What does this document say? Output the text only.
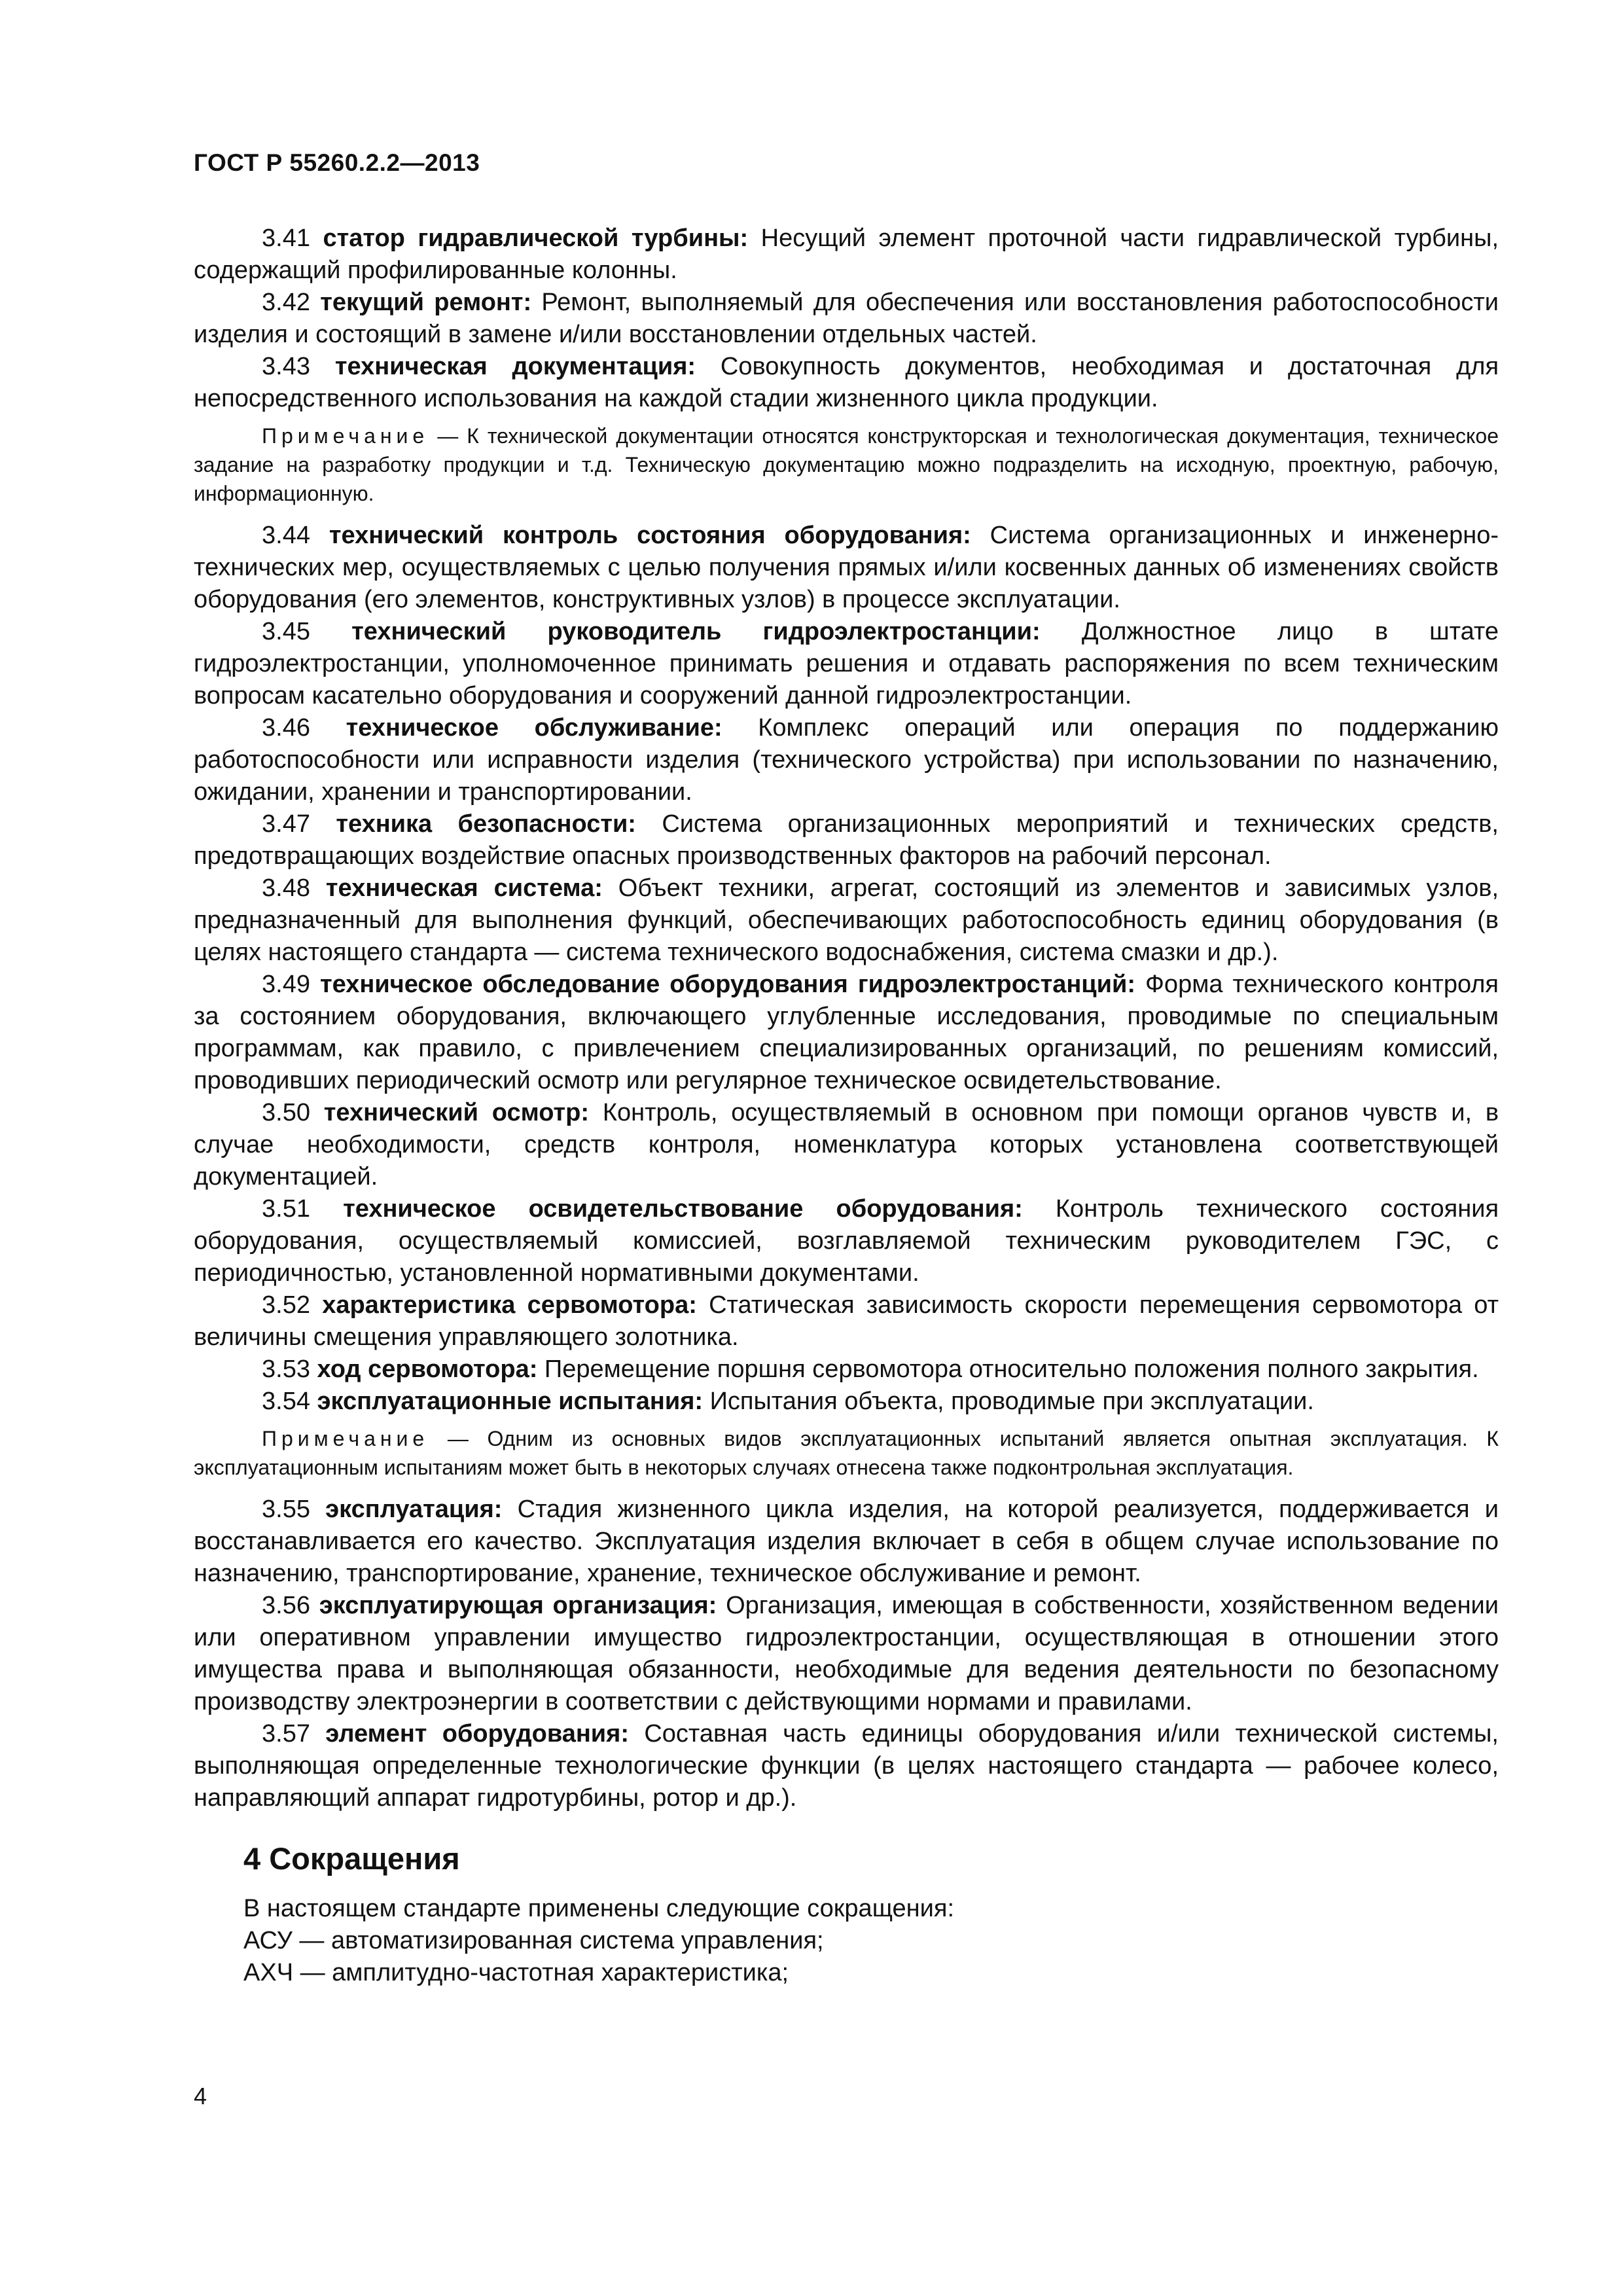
ГОСТ Р 55260.2.2—2013

3.41 статор гидравлической турбины: Несущий элемент проточной части гидравлической турбины, содержащий профилированные колонны.

3.42 текущий ремонт: Ремонт, выполняемый для обеспечения или восстановления работоспособности изделия и состоящий в замене и/или восстановлении отдельных частей.

3.43 техническая документация: Совокупность документов, необходимая и достаточная для непосредственного использования на каждой стадии жизненного цикла продукции.

Примечание — К технической документации относятся конструкторская и технологическая документация, техническое задание на разработку продукции и т.д. Техническую документацию можно подразделить на исходную, проектную, рабочую, информационную.

3.44 технический контроль состояния оборудования: Система организационных и инженерно-технических мер, осуществляемых с целью получения прямых и/или косвенных данных об изменениях свойств оборудования (его элементов, конструктивных узлов) в процессе эксплуатации.

3.45 технический руководитель гидроэлектростанции: Должностное лицо в штате гидроэлектростанции, уполномоченное принимать решения и отдавать распоряжения по всем техническим вопросам касательно оборудования и сооружений данной гидроэлектростанции.

3.46 техническое обслуживание: Комплекс операций или операция по поддержанию работоспособности или исправности изделия (технического устройства) при использовании по назначению, ожидании, хранении и транспортировании.

3.47 техника безопасности: Система организационных мероприятий и технических средств, предотвращающих воздействие опасных производственных факторов на рабочий персонал.

3.48 техническая система: Объект техники, агрегат, состоящий из элементов и зависимых узлов, предназначенный для выполнения функций, обеспечивающих работоспособность единиц оборудования (в целях настоящего стандарта — система технического водоснабжения, система смазки и др.).

3.49 техническое обследование оборудования гидроэлектростанций: Форма технического контроля за состоянием оборудования, включающего углубленные исследования, проводимые по специальным программам, как правило, с привлечением специализированных организаций, по решениям комиссий, проводивших периодический осмотр или регулярное техническое освидетельствование.

3.50 технический осмотр: Контроль, осуществляемый в основном при помощи органов чувств и, в случае необходимости, средств контроля, номенклатура которых установлена соответствующей документацией.

3.51 техническое освидетельствование оборудования: Контроль технического состояния оборудования, осуществляемый комиссией, возглавляемой техническим руководителем ГЭС, с периодичностью, установленной нормативными документами.

3.52 характеристика сервомотора: Статическая зависимость скорости перемещения сервомотора от величины смещения управляющего золотника.

3.53 ход сервомотора: Перемещение поршня сервомотора относительно положения полного закрытия.

3.54 эксплуатационные испытания: Испытания объекта, проводимые при эксплуатации.

Примечание — Одним из основных видов эксплуатационных испытаний является опытная эксплуатация. К эксплуатационным испытаниям может быть в некоторых случаях отнесена также подконтрольная эксплуатация.

3.55 эксплуатация: Стадия жизненного цикла изделия, на которой реализуется, поддерживается и восстанавливается его качество. Эксплуатация изделия включает в себя в общем случае использование по назначению, транспортирование, хранение, техническое обслуживание и ремонт.

3.56 эксплуатирующая организация: Организация, имеющая в собственности, хозяйственном ведении или оперативном управлении имущество гидроэлектростанции, осуществляющая в отношении этого имущества права и выполняющая обязанности, необходимые для ведения деятельности по безопасному производству электроэнергии в соответствии с действующими нормами и правилами.

3.57 элемент оборудования: Составная часть единицы оборудования и/или технической системы, выполняющая определенные технологические функции (в целях настоящего стандарта — рабочее колесо, направляющий аппарат гидротурбины, ротор и др.).

4 Сокращения

В настоящем стандарте применены следующие сокращения:

АСУ — автоматизированная система управления;

АХЧ — амплитудно-частотная характеристика;

4
